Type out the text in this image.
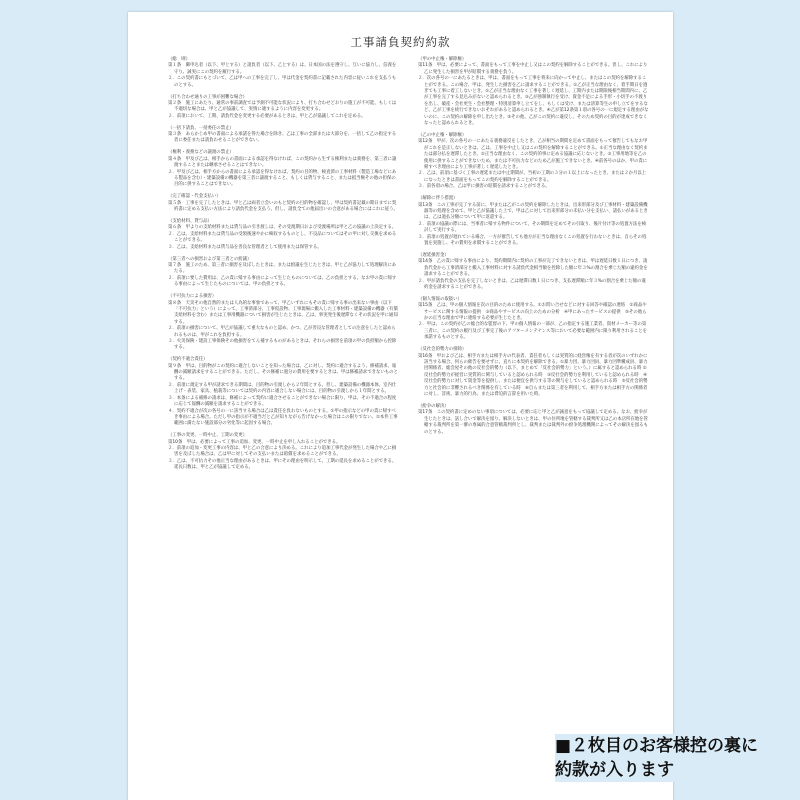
工事請負契約約款
（総　則）
第１条　御申込者（以下、甲とする）と請負者（以下、乙とする）は、日本国の法を遵守し、互いに協力し、信義を守り、誠実にこの契約を履行する。
２．この契約書にもとづいて、乙は甲への工事を完了し、甲は代金を契約書に記載された内容に従いこれを支払うものとする。
（打ち合わせ通りの工事が困難な場合）
第２条　施工にあたり、通常の事前調査では予測不可能な状況により、打ち合わせどおりの施工が不可能、もしくは不適切な場合は、甲と乙が協議して、実情に適するように内容を変更する。
２．前項において、工期、請負代金を変更する必要があるときは、甲と乙が協議してこれを定める。
（一括下請負、一括委任の禁止）
第３条　あらかじめ甲の書面による承諾を得た場合を除き、乙は工事の全部または大部分を、一括して乙の指定する者に委任または請負わせることができない。
（権利・義務などの譲渡の禁止）
第４条　甲及び乙は、相手からの書面による承認を得なければ、この契約から生ずる権利または義務を、第三者に譲渡することまたは継承させることはできない。
２．甲及び乙は、相手方からの書面による承認を得なければ、契約の目的物、検査済の工事材料（製造工場などにある製品を含む）・建築設備の機器を第三者に譲渡すること、もしくは貸与すること、または抵当権その他の担保の目的に供することはできない。
（完了確認・代金支払い）
第５条　工事を完了したときは、甲と乙は両者立会いのもと契約の目的物を確認し、甲は契約書記載の期日までに契約書に定める支払い方法により請負代金を支払う。但し、請負全ての他届出いの合意がある場合にはこれに従う。
（支給材料、貸与品）
第６条　甲よりの支給材料または貸与品の引き渡しは、その受渡期日および受渡場所は甲と乙の協議の上決定する。
２．乙は、支給材料または貸与品の受領後速やかに検収するものとし、不良品についてはその甲に対し交換を求めることができる。
３．乙は、支給材料または貸与品を善良な管理者として使用または保管する。
（第三者への損害および第三者との紛議）
第７条　施工のため、第三者に損害を及ぼしたときは、または紛議を生じたときは、甲と乙が協力して処理解決にあたる。
２．前項に要した費用は、乙の責に帰する事由によって生じたものについては、乙の負担とする。なお甲の責に帰する事由によって生じたものについては、甲の負担とする。
（不可抗力による損害）
第８条　天災その他自然的または人為的な事象であって、甲乙いずれにもその責に帰する事の出来ない事由（以下「不可抗力」という）によって、工事済部分、工事仮設物、工事現場に搬入した工事材料・建築設備の機器（有償支給材料を含む）または工事用機器について損害が生じたときは、乙は、事実発生後遅滞なくその状況を甲に通知する。
２．前項の損害について、甲乙が協議して重大なものと認め、かつ、乙が善良な管理者としての注意をしたと認められるものは、甲がこれを負担する。
３．火災保険・建設工事保険その他損害をてん補するものがあるときは、それらの損害を前項の甲の負担額から控除する。
（契約不適合責任）
第９条　甲は、目的物がこの契約に適合しないことを知った場合は、乙に対し、契約に適合するよう、修補請求、報酬の減額請求をすることができる。ただし、その修補に過分の費用を要するときは、甲は修補請求できないものとする。
２．前項に規定する甲が請求できる期間は、目的物の引渡しから２年間とする。但し、建築設備の機器本体、室内仕上げ・表装、家具、植栽等については契約の内容に適合しない場合には、目的物の引渡しから１年間とする。
３．本条による補修の請求は、修補によって契約に適合させることができない場合に限り、甲は、その不適合の程度に応じて報酬の減額を請求することができる。
４．契約不適合が次の各号の一に該当する場合は乙は責任を負わないものとする。①甲の指示などの甲の責に帰すべき事由による場合。ただし甲の指示が不適当だと乙が知りながら告げなかった場合はこの限りでない。②本件工事範囲に満たない施設部分の劣化等に起因する場合。
（工事の変更、一時中止、工期の変更）
第10条　甲は、必要によって工事の追加、変更、一時中止を申し入れることができる。
２．前項の追加・変更工事の内容は、甲と乙の合意により決める。これにより追加工事代金が発生した場合や乙に損害を及ぼした場合は、乙は甲に対してその支払いまたは賠償を求めることができる。
３．乙は、不可抗力その他正当な理由があるときは、甲にその理由を明示して、工期の延長を求めることができる。延長日数は、甲と乙が協議して定める。
（甲の中止権・解除権）
第11条　甲は、必要によって、書面をもって工事を中止し又はこの契約を解除することができる。但し、これにより乙に発生した損害を甲が賠償する義務を負う。
２．次の各号の一にあたるときは、甲は、書面をもって工事を将来に向かって中止し、またはこの契約を解除することができる。この場合、甲は、発生した損害を乙に請求することができる。①乙が正当な理由なく、着手期日を過ぎても工事に着工しないとき。②乙が正当な理由なく工事を著しく遅延し、工期内または期限後相当期間内に、乙が工事を完了する見込みがないと認められるとき。③乙が強制執行を受け、資金不足による手形・小切手の不渡りを出し、破産・会社更生・会社整理・特別清算申し立てをし、もしくは受け、または清算等生の申し立てをするなど、乙が工事を続行できないおそれがあると認められるとき。④乙が第12条第１項の各号の一に規定する理由がないのに、この契約の解除を申し出たとき。⑤その他、乙がこの契約に違反し、そのため契約の目的が達成できなくなったと認められるとき。
（乙の中止権・解除権）
第12条　甲が、次の各号の一にあたる義務違反をしたとき、乙が相当の期間を定めて書面をもって催告してもなお甲がこれを是正しないときは、乙は、工事を中止し又はこの契約を解除することができる。①正当な理由なく契約または部分払を遅滞したとき。②正当な理由なく、この契約的事に定める協議に応じないとき。③工事用地等を乙の使用に供することができないため、または不可抗力などのため乙が施工できないとき。④前各号のほか、甲の責に帰すべき理由により工事が著しく遅延したとき。
２．乙は、前項に基づく工事の遅延または中止期間が、当初の工期の３分の１以上になったとき、または２か月以上になったときは書面をもってこの契約を解除することができる。
３．前各項の場合、乙は甲に損害の賠償を請求することができる。
（解除に伴う措置）
第13条　この工事が完了する前に、甲または乙がこの契約を解除したときは、出来形部分及び工事材料・建築設備機器等の処理を含めて、甲と乙が協議した上で、甲は乙に対して出来形部分の未払い分を支払い、諸払いがあるときは、乙は過払分額について甲に返還する。
２．前項の協議の際には、当事者に帰する物件について、その期間を定めてその引取り、後片付け等の処置方法を検討して実行する。
３．前項の処置が遅れている場合、一方が催告しても他方が正当な理由なくこの処置を行わないときは、自らその処置を実施し、その費用を求償することができる。
（遅延損害金）
第14条　乙の責に帰する事由により、契約期間内に契約の工事が完了できないときは、甲は遅延日数１日につき、請負代金から工事済部分と搬入工事材料に対する請負代金相当額を控除した額に年３%の割合を乗じた額の違約金を請求することができる。
２．甲が請負代金の支払を完了しないときは、乙は遅滞日数１日につき、支払遅滞額に年３%の割合を乗じた額の違約金を請求することができる。
（個人情報の取扱い）
第15条　乙は、甲の個人情報を次の目的のために使用する。①お問い合せなどに対する回答や確認の連絡　②商品やサービスに関する情報の提供　③商品やサービスの向上のための分析　④甲にあったサービスの提供　⑤その他らかの正当な理由で甲に連絡する必要が生じたとき。
２．甲は、この契約が乙の総合的な監督の下、甲の個人情報の一部が、乙の指定する施工業者、資材メーカー等の第三者に、この契約の履行及び工事完了後のアフターメンテナンス等において必要な範囲内に限り利用されることを承諾するものとする。
（反社会的勢力の排除）
第16条　甲および乙は、相手方または相手方の代表者、責任者もしくは実質的に経営権を有する者が次のいずれかに該当する場合、何らの催告を要せずに、直ちに本契約を解除できる。①暴力団、暴力団員、暴力団準構成員、暴力団関係者、総会屋その他の反社会的勢力（以下、まとめて「反社会的勢力」という。）に属すると認められる時 ②反社会的勢力が経営に実質的に関与していると認められる時　③反社会的勢力を利用していると認められる時　④反社会的勢力に対して資金等を提供し、または便宜を供与する等の関与をしていると認められる時　⑤反社会的勢力と社会的に非難されるべき関係を有している時　⑥自らまたは第三者を利用して、相手方または相手方の関係者に対し、詐術、暴力的行為、または脅迫的言辞を用いた時。
（紛争の解決）
第17条　この契約書に定めのない事項については、必要に応じ甲と乙が誠意をもって協議して定める。なお、紛争が生じたときは、話し合いで解決を図り、解決しないときは、甲の住所地を管轄する裁判所又は乙の本店所在地を管轄する裁判所を第一審の専属的合意管轄裁判所とし、裁判または裁判外の紛争処理機関によってその解決を図るものとする。
■２枚目のお客様控の裏に
約款が入ります
